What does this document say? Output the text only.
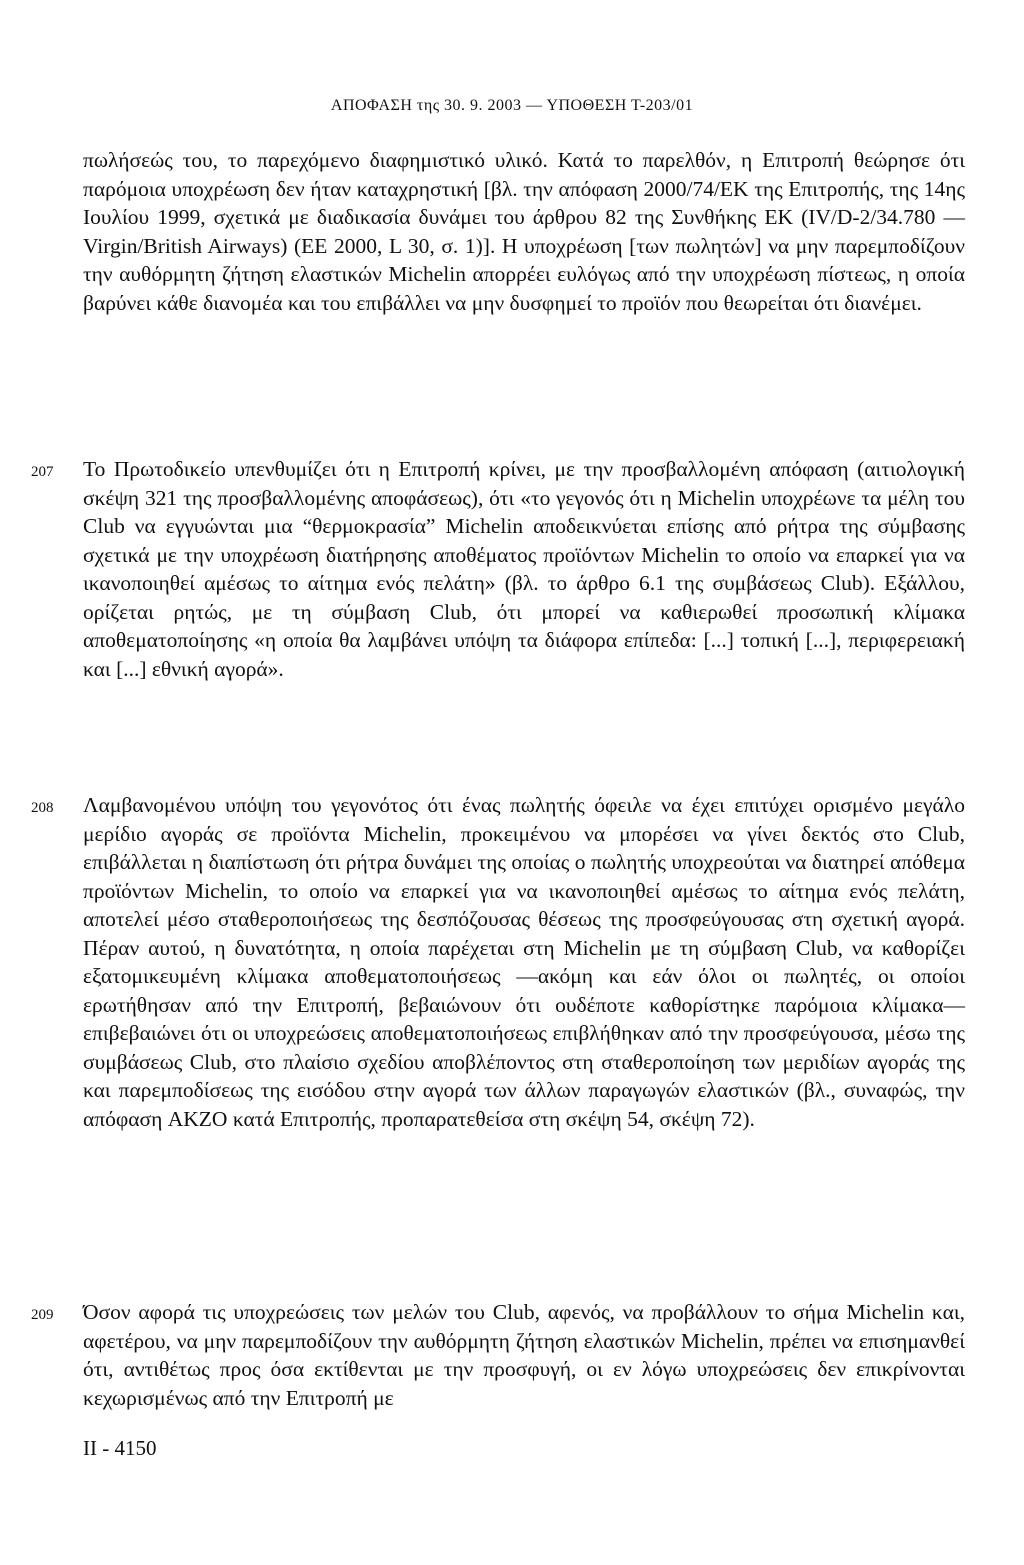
ΑΠΟΦΑΣΗ της 30. 9. 2003 — ΥΠΟΘΕΣΗ Τ-203/01

πωλήσεώς του, το παρεχόμενο διαφημιστικό υλικό. Κατά το παρελθόν, η Επιτροπή θεώρησε ότι παρόμοια υποχρέωση δεν ήταν καταχρηστική [βλ. την απόφαση 2000/74/ΕΚ της Επιτροπής, της 14ης Ιουλίου 1999, σχετικά με διαδικασία δυνάμει του άρθρου 82 της Συνθήκης ΕΚ (IV/D-2/34.780 — Virgin/British Airways) (ΕΕ 2000, L 30, σ. 1)]. Η υποχρέωση [των πωλητών] να μην παρεμποδίζουν την αυθόρμητη ζήτηση ελαστικών Michelin απορρέει ευλόγως από την υποχρέωση πίστεως, η οποία βαρύνει κάθε διανομέα και του επιβάλλει να μην δυσφημεί το προϊόν που θεωρείται ότι διανέμει.

207 Το Πρωτοδικείο υπενθυμίζει ότι η Επιτροπή κρίνει, με την προσβαλλομένη απόφαση (αιτιολογική σκέψη 321 της προσβαλλομένης αποφάσεως), ότι «το γεγονός ότι η Michelin υποχρέωνε τα μέλη του Club να εγγυώνται μια “θερμοκρασία” Michelin αποδεικνύεται επίσης από ρήτρα της σύμβασης σχετικά με την υποχρέωση διατήρησης αποθέματος προϊόντων Michelin το οποίο να επαρκεί για να ικανοποιηθεί αμέσως το αίτημα ενός πελάτη» (βλ. το άρθρο 6.1 της συμβάσεως Club). Εξάλλου, ορίζεται ρητώς, με τη σύμβαση Club, ότι μπορεί να καθιερωθεί προσωπική κλίμακα αποθεματοποίησης «η οποία θα λαμβάνει υπόψη τα διάφορα επίπεδα: [...] τοπική [...], περιφερειακή και [...] εθνική αγορά».

208 Λαμβανομένου υπόψη του γεγονότος ότι ένας πωλητής όφειλε να έχει επιτύχει ορισμένο μεγάλο μερίδιο αγοράς σε προϊόντα Michelin, προκειμένου να μπορέσει να γίνει δεκτός στο Club, επιβάλλεται η διαπίστωση ότι ρήτρα δυνάμει της οποίας ο πωλητής υποχρεούται να διατηρεί απόθεμα προϊόντων Michelin, το οποίο να επαρκεί για να ικανοποιηθεί αμέσως το αίτημα ενός πελάτη, αποτελεί μέσο σταθεροποιήσεως της δεσπόζουσας θέσεως της προσφεύγουσας στη σχετική αγορά. Πέραν αυτού, η δυνατότητα, η οποία παρέχεται στη Michelin με τη σύμβαση Club, να καθορίζει εξατομικευμένη κλίμακα αποθεματοποιήσεως —ακόμη και εάν όλοι οι πωλητές, οι οποίοι ερωτήθησαν από την Επιτροπή, βεβαιώνουν ότι ουδέποτε καθορίστηκε παρόμοια κλίμακα— επιβεβαιώνει ότι οι υποχρεώσεις αποθεματοποιήσεως επιβλήθηκαν από την προσφεύγουσα, μέσω της συμβάσεως Club, στο πλαίσιο σχεδίου αποβλέποντος στη σταθεροποίηση των μεριδίων αγοράς της και παρεμποδίσεως της εισόδου στην αγορά των άλλων παραγωγών ελαστικών (βλ., συναφώς, την απόφαση AKZO κατά Επιτροπής, προπαρατεθείσα στη σκέψη 54, σκέψη 72).

209 Όσον αφορά τις υποχρεώσεις των μελών του Club, αφενός, να προβάλλουν το σήμα Michelin και, αφετέρου, να μην παρεμποδίζουν την αυθόρμητη ζήτηση ελαστικών Michelin, πρέπει να επισημανθεί ότι, αντιθέτως προς όσα εκτίθενται με την προσφυγή, οι εν λόγω υποχρεώσεις δεν επικρίνονται κεχωρισμένως από την Επιτροπή με

II - 4150
